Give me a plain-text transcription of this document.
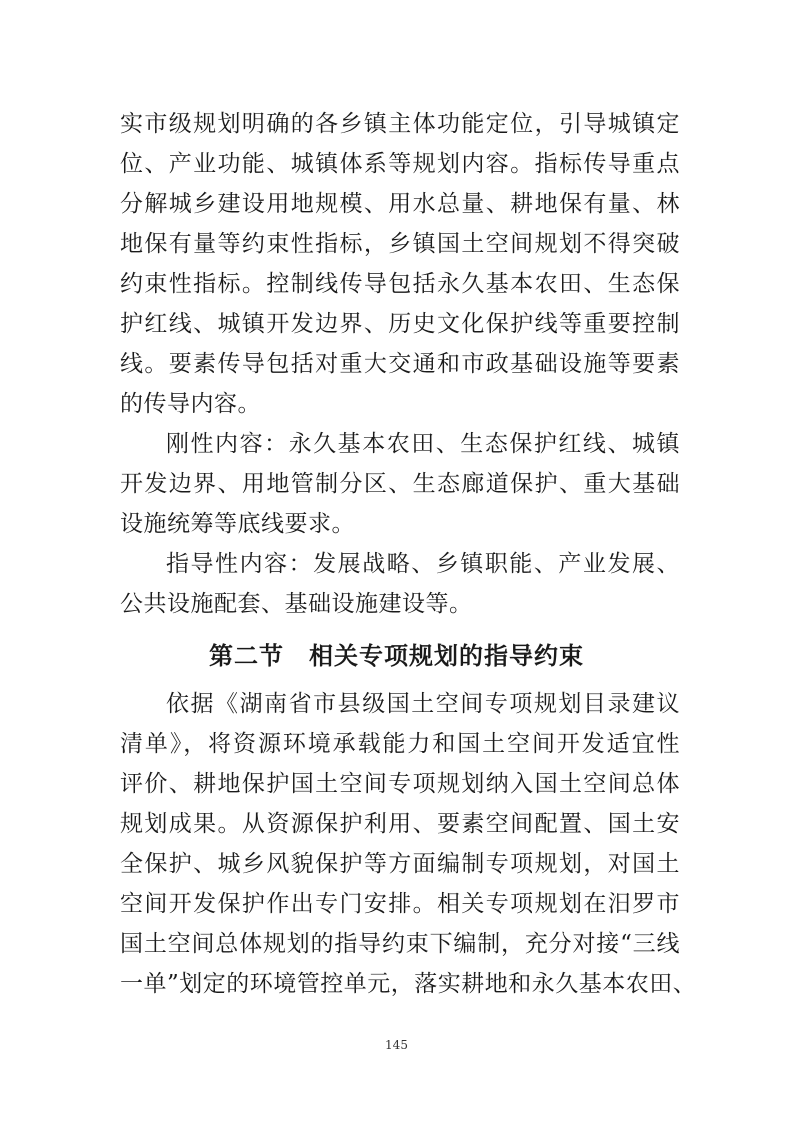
实市级规划明确的各乡镇主体功能定位，引导城镇定
位、产业功能、城镇体系等规划内容。指标传导重点
分解城乡建设用地规模、用水总量、耕地保有量、林
地保有量等约束性指标，乡镇国土空间规划不得突破
约束性指标。控制线传导包括永久基本农田、生态保
护红线、城镇开发边界、历史文化保护线等重要控制
线。要素传导包括对重大交通和市政基础设施等要素
的传导内容。
刚性内容：永久基本农田、生态保护红线、城镇
开发边界、用地管制分区、生态廊道保护、重大基础
设施统筹等底线要求。
指导性内容：发展战略、乡镇职能、产业发展、
公共设施配套、基础设施建设等。
第二节　相关专项规划的指导约束
依据《湖南省市县级国土空间专项规划目录建议
清单》，将资源环境承载能力和国土空间开发适宜性
评价、耕地保护国土空间专项规划纳入国土空间总体
规划成果。从资源保护利用、要素空间配置、国土安
全保护、城乡风貌保护等方面编制专项规划，对国土
空间开发保护作出专门安排。相关专项规划在汨罗市
国土空间总体规划的指导约束下编制，充分对接“三线
一单”划定的环境管控单元，落实耕地和永久基本农田、
145
